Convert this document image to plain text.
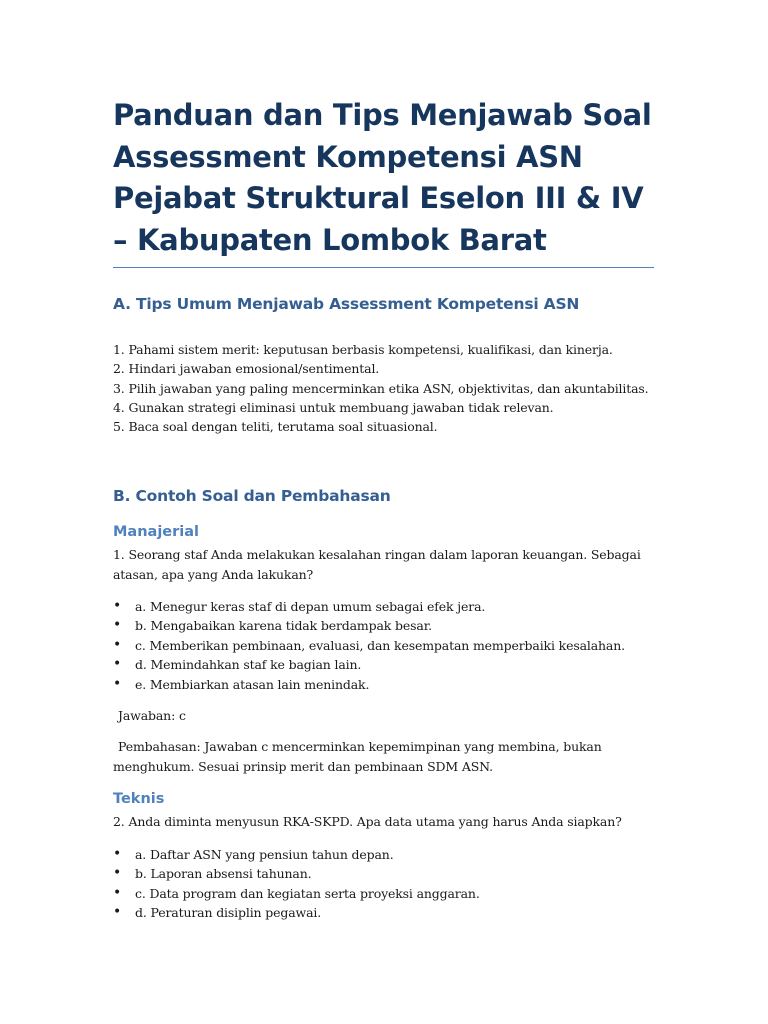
Panduan dan Tips Menjawab Soal Assessment Kompetensi ASN Pejabat Struktural Eselon III & IV – Kabupaten Lombok Barat
A. Tips Umum Menjawab Assessment Kompetensi ASN

1. Pahami sistem merit: keputusan berbasis kompetensi, kualifikasi, dan kinerja.

2. Hindari jawaban emosional/sentimental.

3. Pilih jawaban yang paling mencerminkan etika ASN, objektivitas, dan akuntabilitas.

4. Gunakan strategi eliminasi untuk membuang jawaban tidak relevan.

5. Baca soal dengan teliti, terutama soal situasional.

B. Contoh Soal dan Pembahasan
Manajerial

1. Seorang staf Anda melakukan kesalahan ringan dalam laporan keuangan. Sebagai atasan, apa yang Anda lakukan?

• a. Menegur keras staf di depan umum sebagai efek jera.
• b. Mengabaikan karena tidak berdampak besar.
• c. Memberikan pembinaan, evaluasi, dan kesempatan memperbaiki kesalahan.
• d. Memindahkan staf ke bagian lain.
• e. Membiarkan atasan lain menindak.

Jawaban: c

Pembahasan: Jawaban c mencerminkan kepemimpinan yang membina, bukan menghukum. Sesuai prinsip merit dan pembinaan SDM ASN.

Teknis

2. Anda diminta menyusun RKA-SKPD. Apa data utama yang harus Anda siapkan?

• a. Daftar ASN yang pensiun tahun depan.
• b. Laporan absensi tahunan.
• c. Data program dan kegiatan serta proyeksi anggaran.
• d. Peraturan disiplin pegawai.
